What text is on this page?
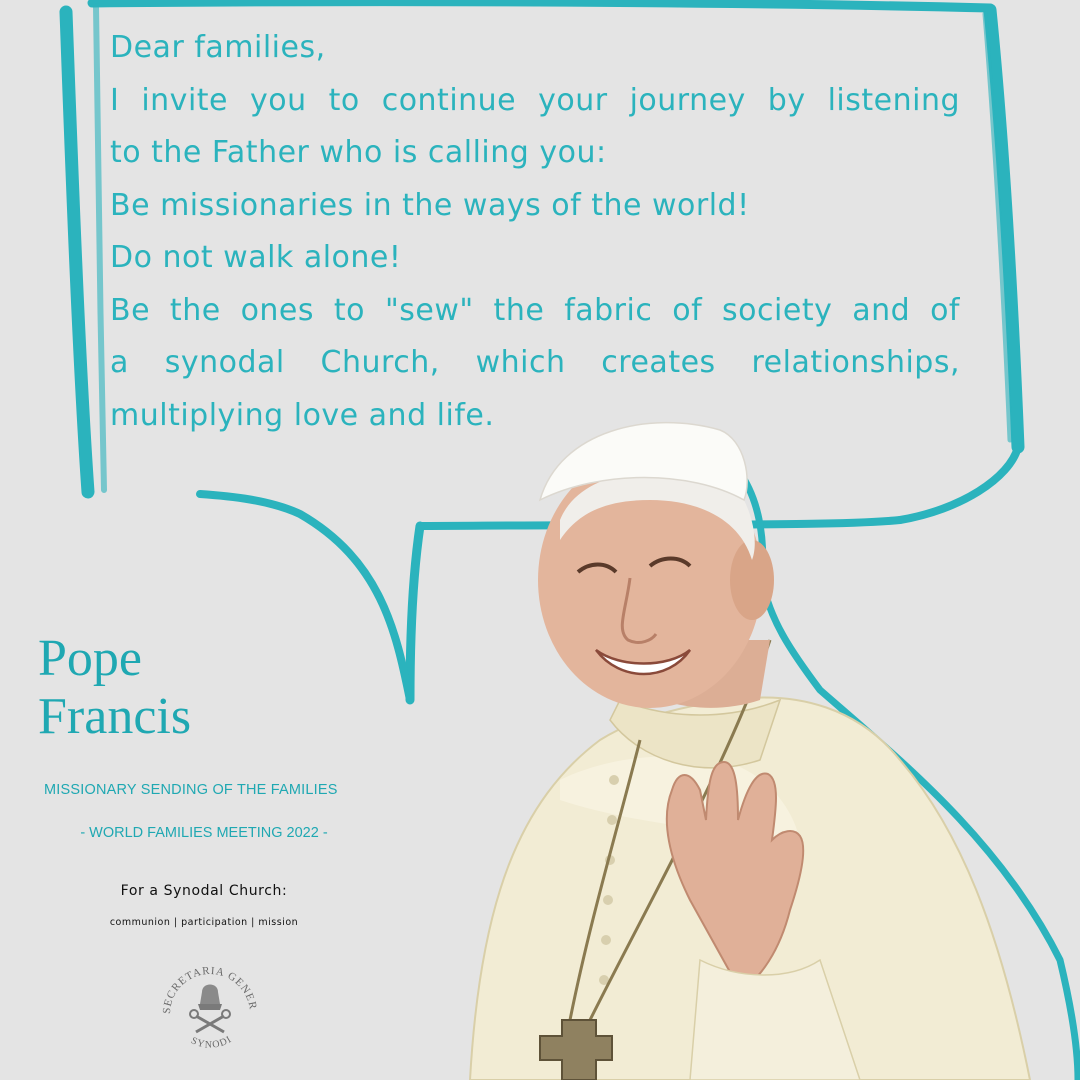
SECRETARIA GENER
SYNODI
Dear families,
I invite you to continue your journey by listening
to the Father who is calling you:
Be missionaries in the ways of the world!
Do not walk alone!
Be the ones to "sew" the fabric of society and of
a synodal Church, which creates relationships,
multiplying love and life.
Pope
Francis
MISSIONARY SENDING OF THE FAMILIES
- WORLD FAMILIES MEETING 2022 -
For a Synodal Church:
communion | participation | mission
